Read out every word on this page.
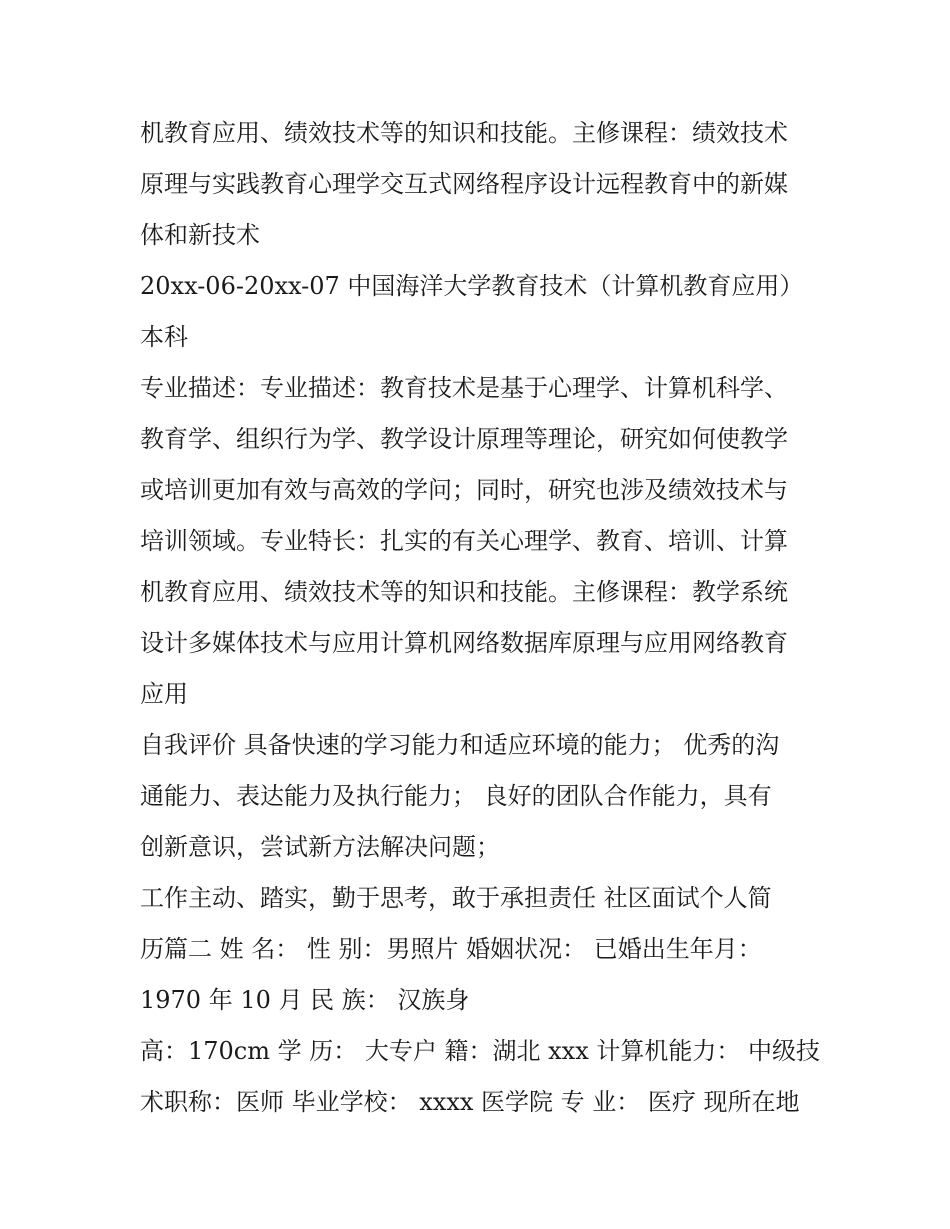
机教育应用、绩效技术等的知识和技能。主修课程：绩效技术
原理与实践教育心理学交互式网络程序设计远程教育中的新媒
体和新技术
20xx-06-20xx-07 中国海洋大学教育技术（计算机教育应用）
本科
专业描述：专业描述：教育技术是基于心理学、计算机科学、
教育学、组织行为学、教学设计原理等理论，研究如何使教学
或培训更加有效与高效的学问；同时，研究也涉及绩效技术与
培训领域。专业特长：扎实的有关心理学、教育、培训、计算
机教育应用、绩效技术等的知识和技能。主修课程：教学系统
设计多媒体技术与应用计算机网络数据库原理与应用网络教育
应用
自我评价 具备快速的学习能力和适应环境的能力； 优秀的沟
通能力、表达能力及执行能力； 良好的团队合作能力，具有
创新意识，尝试新方法解决问题；
工作主动、踏实，勤于思考，敢于承担责任 社区面试个人简
历篇二 姓 名： 性 别：男照片 婚姻状况： 已婚出生年月：
1970 年 10 月 民 族： 汉族身
高：170cm 学 历： 大专户 籍：湖北 xxx 计算机能力： 中级技
术职称：医师 毕业学校： xxxx 医学院 专 业： 医疗 现所在地
